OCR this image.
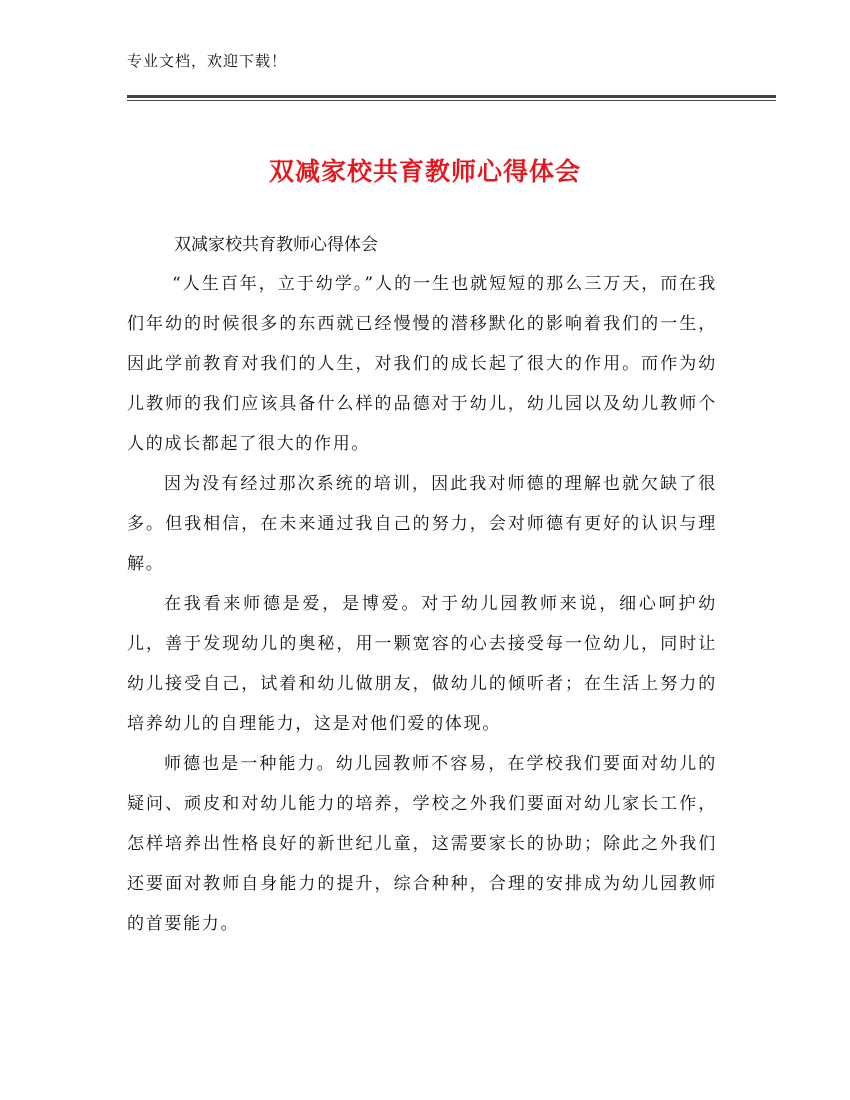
专业文档，欢迎下载！
双减家校共育教师心得体会
双减家校共育教师心得体会

“人生百年，立于幼学。”人的一生也就短短的那么三万天，而在我们年幼的时候很多的东西就已经慢慢的潜移默化的影响着我们的一生，因此学前教育对我们的人生，对我们的成长起了很大的作用。而作为幼儿教师的我们应该具备什么样的品德对于幼儿，幼儿园以及幼儿教师个人的成长都起了很大的作用。

因为没有经过那次系统的培训，因此我对师德的理解也就欠缺了很多。但我相信，在未来通过我自己的努力，会对师德有更好的认识与理解。

在我看来师德是爱，是博爱。对于幼儿园教师来说，细心呵护幼儿，善于发现幼儿的奥秘，用一颗宽容的心去接受每一位幼儿，同时让幼儿接受自己，试着和幼儿做朋友，做幼儿的倾听者；在生活上努力的培养幼儿的自理能力，这是对他们爱的体现。

师德也是一种能力。幼儿园教师不容易，在学校我们要面对幼儿的疑问、顽皮和对幼儿能力的培养，学校之外我们要面对幼儿家长工作，怎样培养出性格良好的新世纪儿童，这需要家长的协助；除此之外我们还要面对教师自身能力的提升，综合种种，合理的安排成为幼儿园教师的首要能力。
